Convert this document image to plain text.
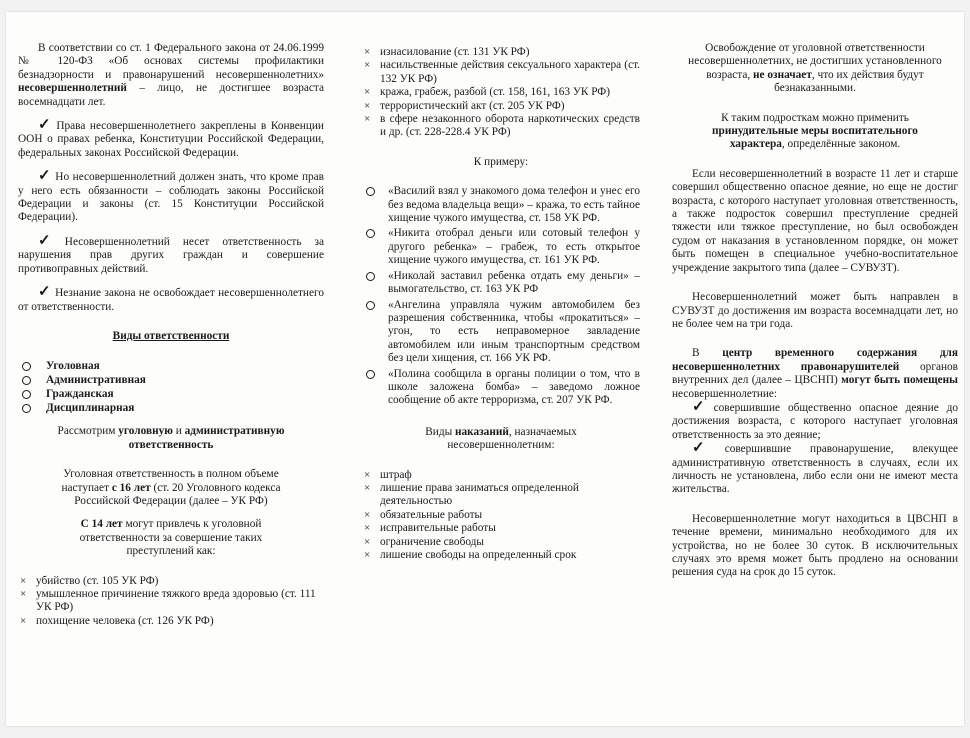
В соответствии со ст. 1 Федерального закона от 24.06.1999 № 120-ФЗ «Об основах системы профилактики безнадзорности и правонарушений несовершеннолетних» несовершеннолетний – лицо, не достигшее возраста восемнадцати лет.

✓ Права несовершеннолетнего закреплены в Конвенции ООН о правах ребенка, Конституции Российской Федерации, федеральных законах Российской Федерации.

✓ Но несовершеннолетний должен знать, что кроме прав у него есть обязанности – соблюдать законы Российской Федерации и законы (ст. 15 Конституции Российской Федерации).

✓ Несовершеннолетний несет ответственность за нарушения прав других граждан и совершение противоправных действий.

✓ Незнание закона не освобождает несовершеннолетнего от ответственности.

Виды ответственности

Уголовная
Административная
Гражданская
Дисциплинарная

Рассмотрим уголовную и административную ответственность

Уголовная ответственность в полном объеме наступает с 16 лет (ст. 20 Уголовного кодекса Российской Федерации (далее – УК РФ)

С 14 лет могут привлечь к уголовной ответственности за совершение таких преступлений как:

× убийство (ст. 105 УК РФ)
× умышленное причинение тяжкого вреда здоровью (ст. 111 УК РФ)
× похищение человека (ст. 126 УК РФ)
× изнасилование (ст. 131 УК РФ)
× насильственные действия сексуального характера (ст. 132 УК РФ)
× кража, грабеж, разбой (ст. 158, 161, 163 УК РФ)
× террористический акт (ст. 205 УК РФ)
× в сфере незаконного оборота наркотических средств и др. (ст. 228-228.4 УК РФ)

К примеру:

«Василий взял у знакомого дома телефон и унес его без ведома владельца вещи» – кража, то есть тайное хищение чужого имущества, ст. 158 УК РФ.
«Никита отобрал деньги или сотовый телефон у другого ребенка» – грабеж, то есть открытое хищение чужого имущества, ст. 161 УК РФ.
«Николай заставил ребенка отдать ему деньги» – вымогательство, ст. 163 УК РФ
«Ангелина управляла чужим автомобилем без разрешения собственника, чтобы «прокатиться» – угон, то есть неправомерное завладение автомобилем или иным транспортным средством без цели хищения, ст. 166 УК РФ.
«Полина сообщила в органы полиции о том, что в школе заложена бомба» – заведомо ложное сообщение об акте терроризма, ст. 207 УК РФ.

Виды наказаний, назначаемых несовершеннолетним:

× штраф
× лишение права заниматься определенной деятельностью
× обязательные работы
× исправительные работы
× ограничение свободы
× лишение свободы на определенный срок

Освобождение от уголовной ответственности несовершеннолетних, не достигших установленного возраста, не означает, что их действия будут безнаказанными.

К таким подросткам можно применить принудительные меры воспитательного характера, определённые законом.

Если несовершеннолетний в возрасте 11 лет и старше совершил общественно опасное деяние, но еще не достиг возраста, с которого наступает уголовная ответственность, а также подросток совершил преступление средней тяжести или тяжкое преступление, но был освобожден судом от наказания в установленном порядке, он может быть помещен в специальное учебно-воспитательное учреждение закрытого типа (далее – СУВУЗТ).

Несовершеннолетний может быть направлен в СУВУЗТ до достижения им возраста восемнадцати лет, но не более чем на три года.

В центр временного содержания для несовершеннолетних правонарушителей органов внутренних дел (далее – ЦВСНП) могут быть помещены несовершеннолетние:

✓ совершившие общественно опасное деяние до достижения возраста, с которого наступает уголовная ответственность за это деяние;

✓ совершившие правонарушение, влекущее административную ответственность в случаях, если их личность не установлена, либо если они не имеют места жительства.

Несовершеннолетние могут находиться в ЦВСНП в течение времени, минимально необходимого для их устройства, но не более 30 суток. В исключительных случаях это время может быть продлено на основании решения суда на срок до 15 суток.
